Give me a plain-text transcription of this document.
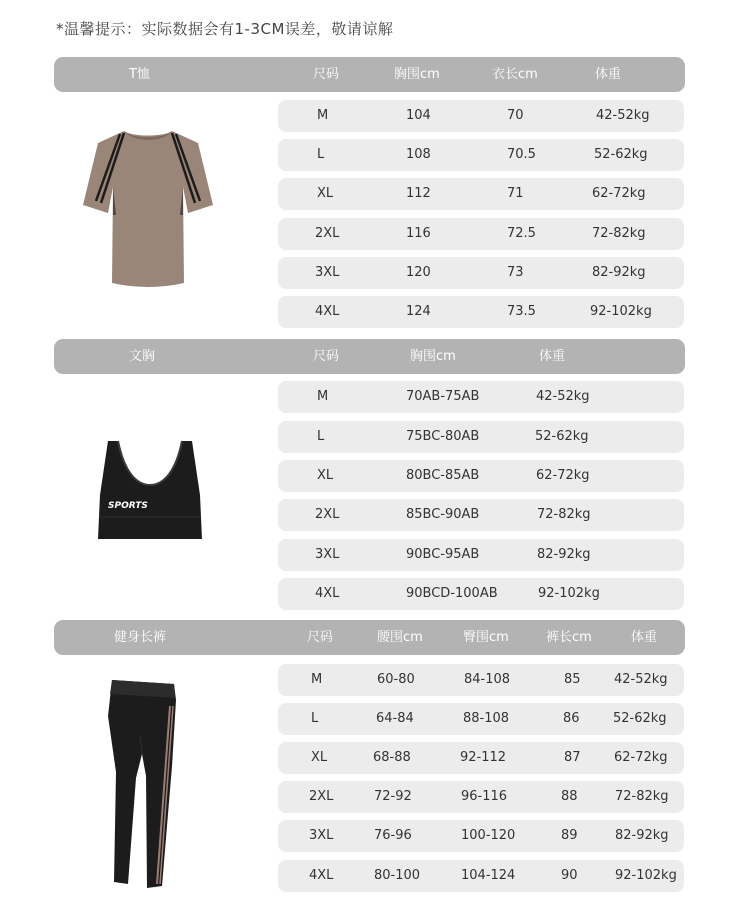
*温馨提示：实际数据会有1-3CM误差，敬请谅解
T恤	尺码	胸围cm	衣长cm	体重
M	104	70	42-52kg
L	108	70.5	52-62kg
XL	112	71	62-72kg
2XL	116	72.5	72-82kg
3XL	120	73	82-92kg
4XL	124	73.5	92-102kg
文胸	尺码	胸围cm	体重
M	70AB-75AB	42-52kg
L	75BC-80AB	52-62kg
XL	80BC-85AB	62-72kg
2XL	85BC-90AB	72-82kg
3XL	90BC-95AB	82-92kg
4XL	90BCD-100AB	92-102kg
SPORTS
健身长裤	尺码	腰围cm	臀围cm	裤长cm	体重
M	60-80	84-108	85	42-52kg
L	64-84	88-108	86	52-62kg
XL	68-88	92-112	87	62-72kg
2XL	72-92	96-116	88	72-82kg
3XL	76-96	100-120	89	82-92kg
4XL	80-100	104-124	90	92-102kg
